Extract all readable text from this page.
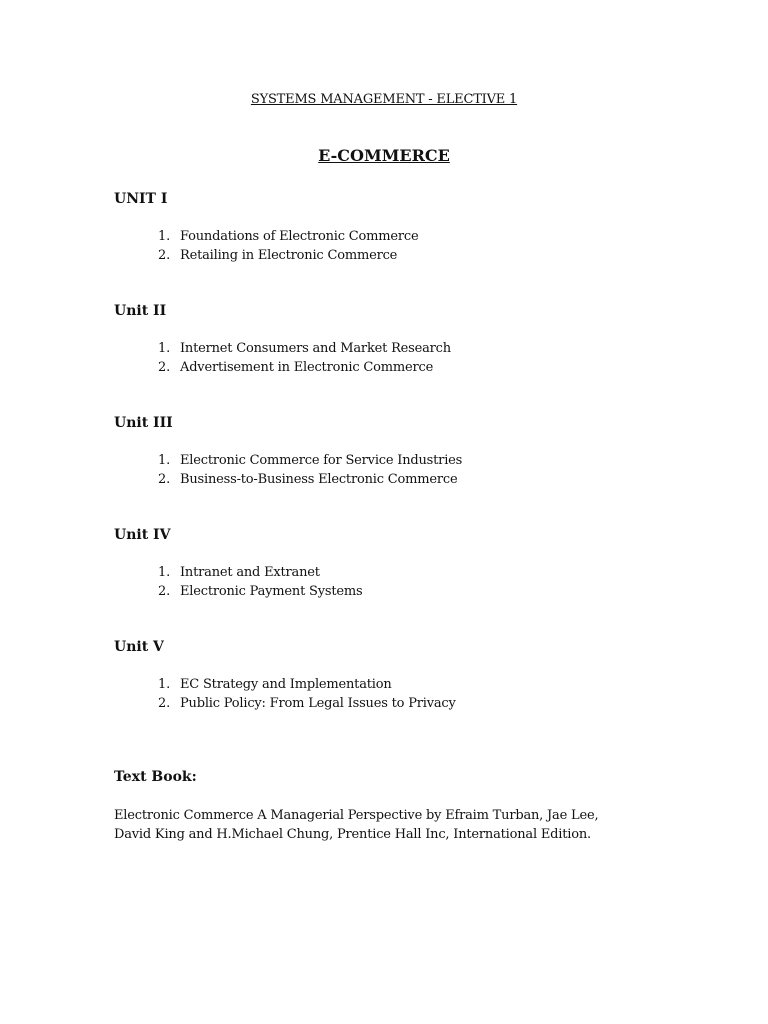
SYSTEMS MANAGEMENT - ELECTIVE 1
E-COMMERCE
UNIT I
1. Foundations of Electronic Commerce
2. Retailing in Electronic Commerce
Unit II
1. Internet Consumers and Market Research
2. Advertisement in Electronic Commerce
Unit III
1. Electronic Commerce for Service Industries
2. Business-to-Business Electronic Commerce
Unit IV
1. Intranet and Extranet
2. Electronic Payment Systems
Unit V
1. EC Strategy and Implementation
2. Public Policy: From Legal Issues to Privacy
Text Book:

Electronic Commerce A Managerial Perspective by Efraim Turban, Jae Lee,
David King and H.Michael Chung, Prentice Hall Inc, International Edition.
